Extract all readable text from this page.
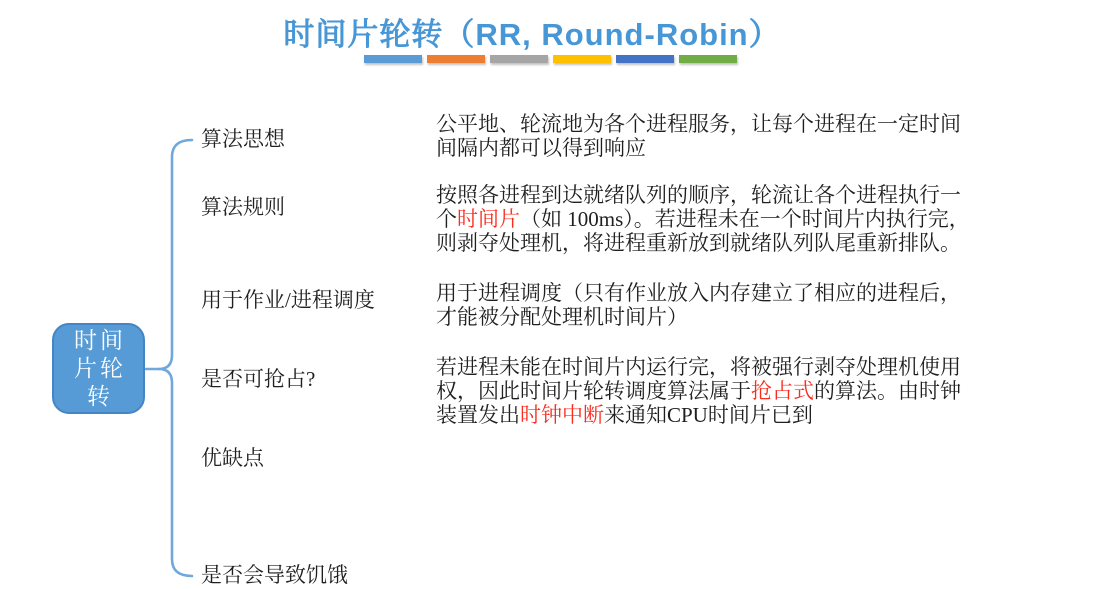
时间片轮转（RR, Round-Robin）
时间
片轮
转
算法思想
算法规则
用于作业/进程调度
是否可抢占?
优缺点
是否会导致饥饿
公平地、轮流地为各个进程服务，让每个进程在一定时间
间隔内都可以得到响应
按照各进程到达就绪队列的顺序，轮流让各个进程执行一
个时间片（如 100ms）。若进程未在一个时间片内执行完，
则剥夺处理机，将进程重新放到就绪队列队尾重新排队。
用于进程调度（只有作业放入内存建立了相应的进程后，
才能被分配处理机时间片）
若进程未能在时间片内运行完，将被强行剥夺处理机使用
权，因此时间片轮转调度算法属于抢占式的算法。由时钟
装置发出时钟中断来通知CPU时间片已到
